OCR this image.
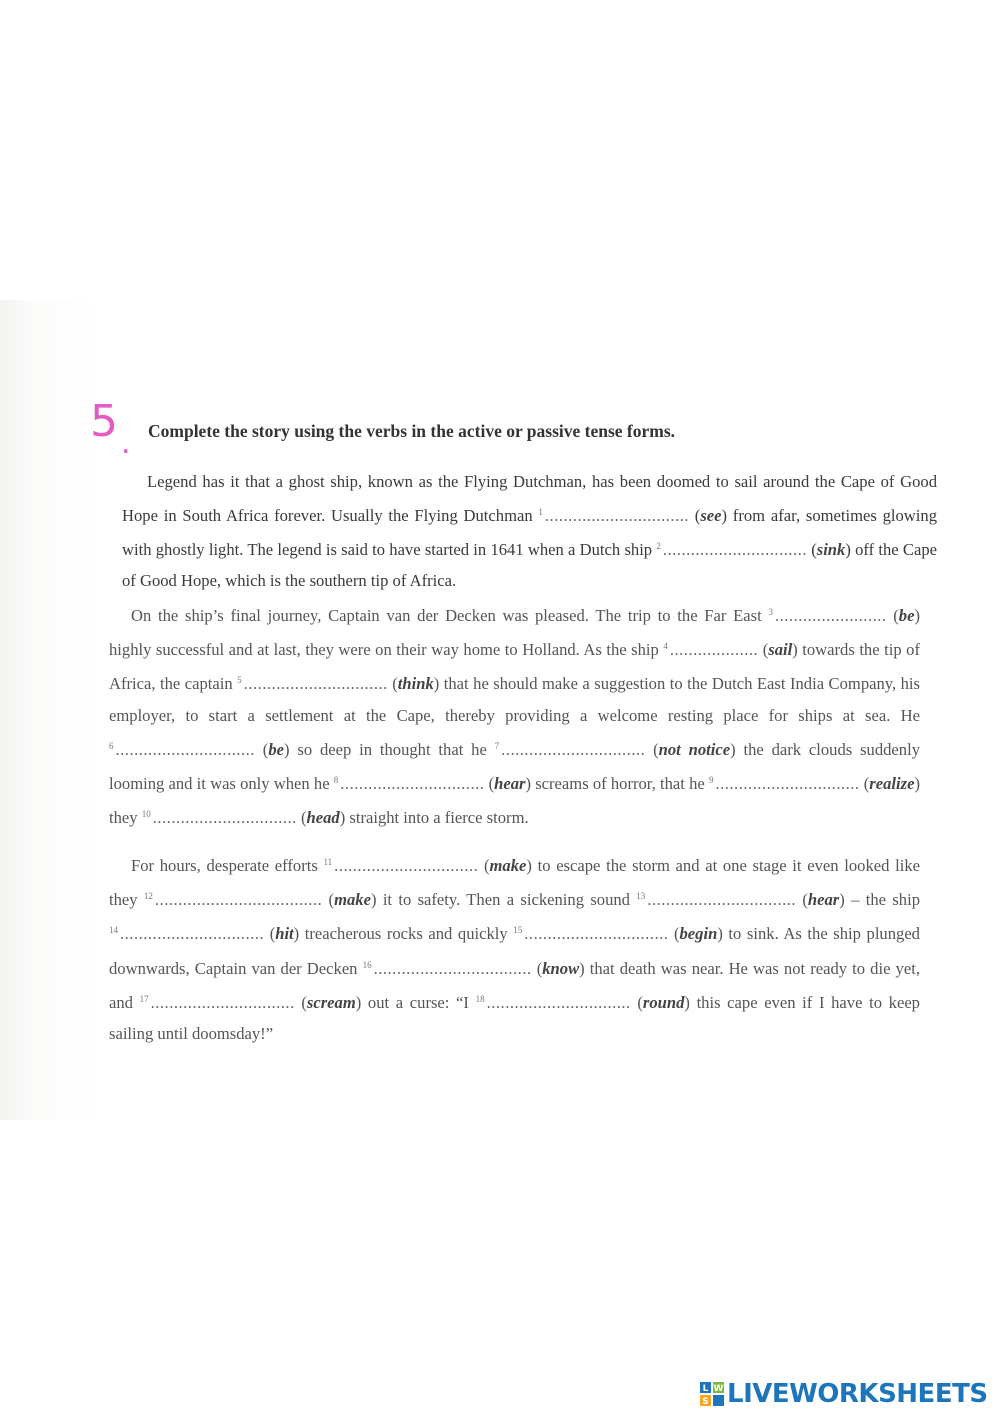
5 . Complete the story using the verbs in the active or passive tense forms.

Legend has it that a ghost ship, known as the Flying Dutchman, has been doomed to sail around the Cape of Good Hope in South Africa forever. Usually the Flying Dutchman $^1$ ............................... (see) from afar, sometimes glowing with ghostly light. The legend is said to have started in 1641 when a Dutch ship $^2$ ............................... (sink) off the Cape of Good Hope, which is the southern tip of Africa.

On the ship’s final journey, Captain van der Decken was pleased. The trip to the Far East $^3$ ........................ (be) highly successful and at last, they were on their way home to Holland. As the ship $^4$ ................... (sail) towards the tip of Africa, the captain $^5$ ............................... (think) that he should make a suggestion to the Dutch East India Company, his employer, to start a settlement at the Cape, thereby providing a welcome resting place for ships at sea. He $^6$ .............................. (be) so deep in thought that he $^7$ ............................... (not notice) the dark clouds suddenly looming and it was only when he $^8$ ............................... (hear) screams of horror, that he $^9$ ............................... (realize) they $^{10}$ ............................... (head) straight into a fierce storm.

For hours, desperate efforts $^{11}$ ............................... (make) to escape the storm and at one stage it even looked like they $^{12}$ .................................... (make) it to safety. Then a sickening sound $^{13}$ ................................ (hear) – the ship $^{14}$ ............................... (hit) treacherous rocks and quickly $^{15}$ ............................... (begin) to sink. As the ship plunged downwards, Captain van der Decken $^{16}$ .................................. (know) that death was near. He was not ready to die yet, and $^{17}$ ............................... (scream) out a curse: “I $^{18}$ ............................... (round) this cape even if I have to keep sailing until doomsday!”

L W
S LIVEWORKSHEETS
